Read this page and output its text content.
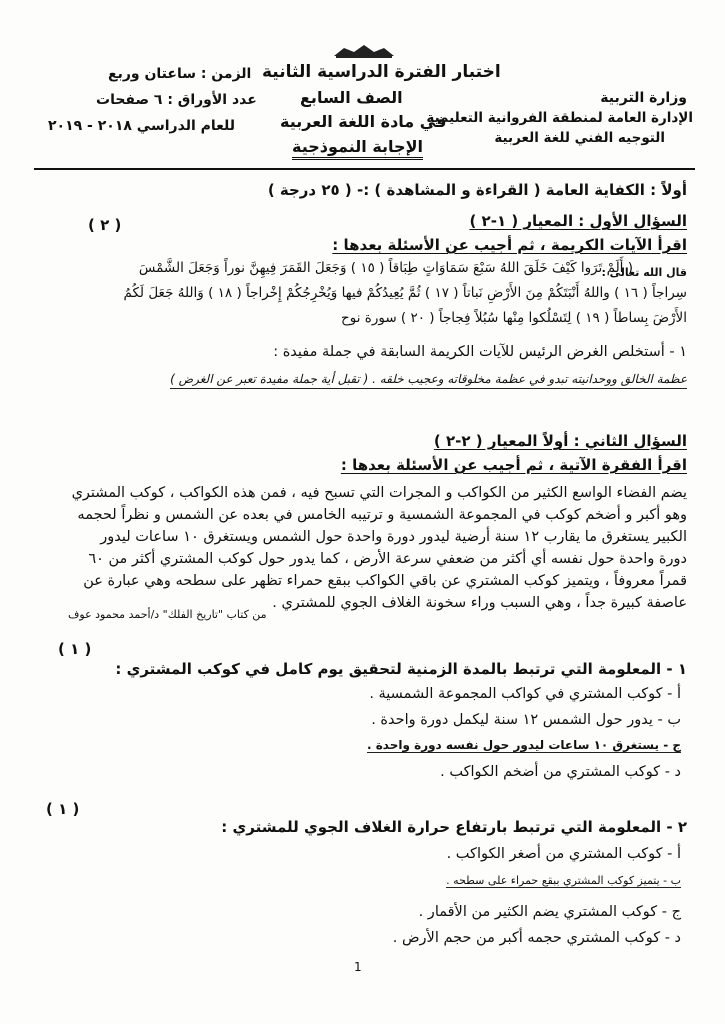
وزارة التربية
الإدارة العامة لمنطقة الفروانية التعليمية
التوجيه الفني للغة العربية
اختبار الفترة الدراسية الثانية
الصف السابع
في مادة اللغة العربية
الإجابة النموذجية
الزمن : ساعتان وربع
عدد الأوراق : ٦ صفحات
للعام الدراسي ٢٠١٨ - ٢٠١٩
أولاً : الكفاية العامة ( القراءة و المشاهدة ) :- ( ٢٥ درجة )
السؤال الأول : المعيار ( ١-٢ )
( ٢ )
اقرأ الآيات الكريمة ، ثم أجيب عن الأسئلة بعدها :
قال الله تعالى :
( أَلَمْ تَرَوا كَيْفَ خَلَقَ اللهُ سَبْعَ سَمَاوَاتٍ طِبَاقاً ( ١٥ ) وَجَعَلَ القَمَرَ فِيهِنَّ نوراً وَجَعَلَ الشَّمْسَ
سِراجاً ( ١٦ ) واللهُ أَنْبَتَكُمْ مِنَ الأَرْضِ نَباتاً ( ١٧ ) ثُمَّ يُعِيدُكُمْ فيها وَيُخْرِجُكُمْ إِخْراجاً ( ١٨ ) وَاللهُ جَعَلَ لَكُمُ
الأَرْضَ بِساطاً ( ١٩ ) لِتَسْلُكوا مِنْها سُبُلاً فِجاجاً ( ٢٠ ) سورة نوح
١ - أستخلص الغرض الرئيس للآيات الكريمة السابقة في جملة مفيدة :
عظمة الخالق ووحدانيته تبدو في عظمة مخلوقاته وعجيب خلقه . ( تقبل أية جملة مفيدة تعبر عن الغرض )
السؤال الثاني : أولاً المعيار ( ٢-٢ )
اقرأ الفقرة الآتية ، ثم أجيب عن الأسئلة بعدها :

يضم الفضاء الواسع الكثير من الكواكب و المجرات التي تسبح فيه ، فمن هذه الكواكب ، كوكب المشتري

وهو أكبر و أضخم كوكب في المجموعة الشمسية و ترتيبه الخامس في بعده عن الشمس و نظراً لحجمه

الكبير يستغرق ما يقارب ١٢ سنة أرضية ليدور دورة واحدة حول الشمس ويستغرق ١٠ ساعات ليدور

دورة واحدة حول نفسه أي أكثر من ضعفي سرعة الأرض ، كما يدور حول كوكب المشتري أكثر من ٦٠

قمراً معروفاً ، ويتميز كوكب المشتري عن باقي الكواكب ببقع حمراء تظهر على سطحه وهي عبارة عن

عاصفة كبيرة جداً ، وهي السبب وراء سخونة الغلاف الجوي للمشتري .

من كتاب "تاريخ الفلك" د/أحمد محمود عوف
( ١ )
١ - المعلومة التي ترتبط بالمدة الزمنية لتحقيق يوم كامل في كوكب المشتري :
أ - كوكب المشتري في كواكب المجموعة الشمسية .
ب - يدور حول الشمس ١٢ سنة ليكمل دورة واحدة .
ج - يستغرق ١٠ ساعات ليدور حول نفسه دورة واحدة .
د - كوكب المشتري من أضخم الكواكب .
( ١ )
٢ - المعلومة التي ترتبط بارتفاع حرارة الغلاف الجوي للمشتري :
أ - كوكب المشتري من أصغر الكواكب .
ب - يتميز كوكب المشتري ببقع حمراء على سطحه .
ج - كوكب المشتري يضم الكثير من الأقمار .
د - كوكب المشتري حجمه أكبر من حجم الأرض .
1
